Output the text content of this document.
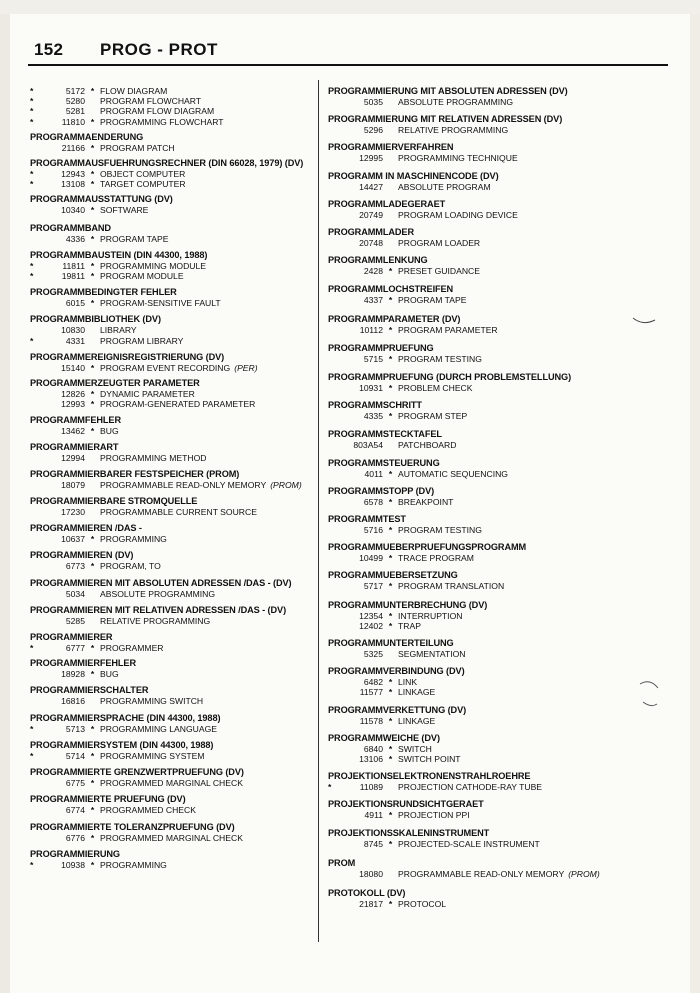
152 PROG - PROT
*	5172 * FLOW DIAGRAM
*	5280	PROGRAM FLOWCHART
*	5281	PROGRAM FLOW DIAGRAM
*	11810 * PROGRAMMING FLOWCHART
PROGRAMMAENDERUNG
21166 * PROGRAM PATCH
PROGRAMMAUSFUEHRUNGSRECHNER (DIN 66028, 1979) (DV)
*	12943 * OBJECT COMPUTER
*	13108 * TARGET COMPUTER
PROGRAMMAUSSTATTUNG (DV)
10340 * SOFTWARE
PROGRAMMBAND
4336 * PROGRAM TAPE
PROGRAMMBAUSTEIN (DIN 44300, 1988)
*	11811 * PROGRAMMING MODULE
*	19811 * PROGRAM MODULE
PROGRAMMBEDINGTER FEHLER
6015 * PROGRAM-SENSITIVE FAULT
PROGRAMMBIBLIOTHEK (DV)
10830	LIBRARY
*	4331	PROGRAM LIBRARY
PROGRAMMEREIGNISREGISTRIERUNG (DV)
15140 * PROGRAM EVENT RECORDING (PER)
PROGRAMMERZEUGTER PARAMETER
12826 * DYNAMIC PARAMETER
12993 * PROGRAM-GENERATED PARAMETER
PROGRAMMFEHLER
13462 * BUG
PROGRAMMIERART
12994	PROGRAMMING METHOD
PROGRAMMIERBARER FESTSPEICHER (PROM)
18079	PROGRAMMABLE READ-ONLY MEMORY (PROM)
PROGRAMMIERBARE STROMQUELLE
17230	PROGRAMMABLE CURRENT SOURCE
PROGRAMMIEREN /DAS -
10637 * PROGRAMMING
PROGRAMMIEREN (DV)
6773 * PROGRAM, TO
PROGRAMMIEREN MIT ABSOLUTEN ADRESSEN /DAS - (DV)
5034	ABSOLUTE PROGRAMMING
PROGRAMMIEREN MIT RELATIVEN ADRESSEN /DAS - (DV)
5285	RELATIVE PROGRAMMING
PROGRAMMIERER
*	6777 * PROGRAMMER
PROGRAMMIERFEHLER
18928 * BUG
PROGRAMMIERSCHALTER
16816	PROGRAMMING SWITCH
PROGRAMMIERSPRACHE (DIN 44300, 1988)
*	5713 * PROGRAMMING LANGUAGE
PROGRAMMIERSYSTEM (DIN 44300, 1988)
*	5714 * PROGRAMMING SYSTEM
PROGRAMMIERTE GRENZWERTPRUEFUNG (DV)
6775 * PROGRAMMED MARGINAL CHECK
PROGRAMMIERTE PRUEFUNG (DV)
6774 * PROGRAMMED CHECK
PROGRAMMIERTE TOLERANZPRUEFUNG (DV)
6776 * PROGRAMMED MARGINAL CHECK
PROGRAMMIERUNG
*	10938 * PROGRAMMING
PROGRAMMIERUNG MIT ABSOLUTEN ADRESSEN (DV)
5035	ABSOLUTE PROGRAMMING
PROGRAMMIERUNG MIT RELATIVEN ADRESSEN (DV)
5296	RELATIVE PROGRAMMING
PROGRAMMIERVERFAHREN
12995	PROGRAMMING TECHNIQUE
PROGRAMM IN MASCHINENCODE (DV)
14427	ABSOLUTE PROGRAM
PROGRAMMLADEGERAET
20749	PROGRAM LOADING DEVICE
PROGRAMMLADER
20748	PROGRAM LOADER
PROGRAMMLENKUNG
2428 * PRESET GUIDANCE
PROGRAMMLOCHSTREIFEN
4337 * PROGRAM TAPE
PROGRAMMPARAMETER (DV)
10112 * PROGRAM PARAMETER
PROGRAMMPRUEFUNG
5715 * PROGRAM TESTING
PROGRAMMPRUEFUNG (DURCH PROBLEMSTELLUNG)
10931 * PROBLEM CHECK
PROGRAMMSCHRITT
4335 * PROGRAM STEP
PROGRAMMSTECKTAFEL
803A54	PATCHBOARD
PROGRAMMSTEUERUNG
4011 * AUTOMATIC SEQUENCING
PROGRAMMSTOPP (DV)
6578 * BREAKPOINT
PROGRAMMTEST
5716 * PROGRAM TESTING
PROGRAMMUEBERPRUEFUNGSPROGRAMM
10499 * TRACE PROGRAM
PROGRAMMUEBERSETZUNG
5717 * PROGRAM TRANSLATION
PROGRAMMUNTERBRECHUNG (DV)
12354 * INTERRUPTION
12402 * TRAP
PROGRAMMUNTERTEILUNG
5325	SEGMENTATION
PROGRAMMVERBINDUNG (DV)
6482 * LINK
11577 * LINKAGE
PROGRAMMVERKETTUNG (DV)
11578 * LINKAGE
PROGRAMMWEICHE (DV)
6840 * SWITCH
13106 * SWITCH POINT
PROJEKTIONSELEKTRONENSTRAHLROEHRE
*	11089	PROJECTION CATHODE-RAY TUBE
PROJEKTIONSRUNDSICHTGERAET
4911 * PROJECTION PPI
PROJEKTIONSSKALENINSTRUMENT
8745 * PROJECTED-SCALE INSTRUMENT
PROM
18080	PROGRAMMABLE READ-ONLY MEMORY (PROM)
PROTOKOLL (DV)
21817 * PROTOCOL
